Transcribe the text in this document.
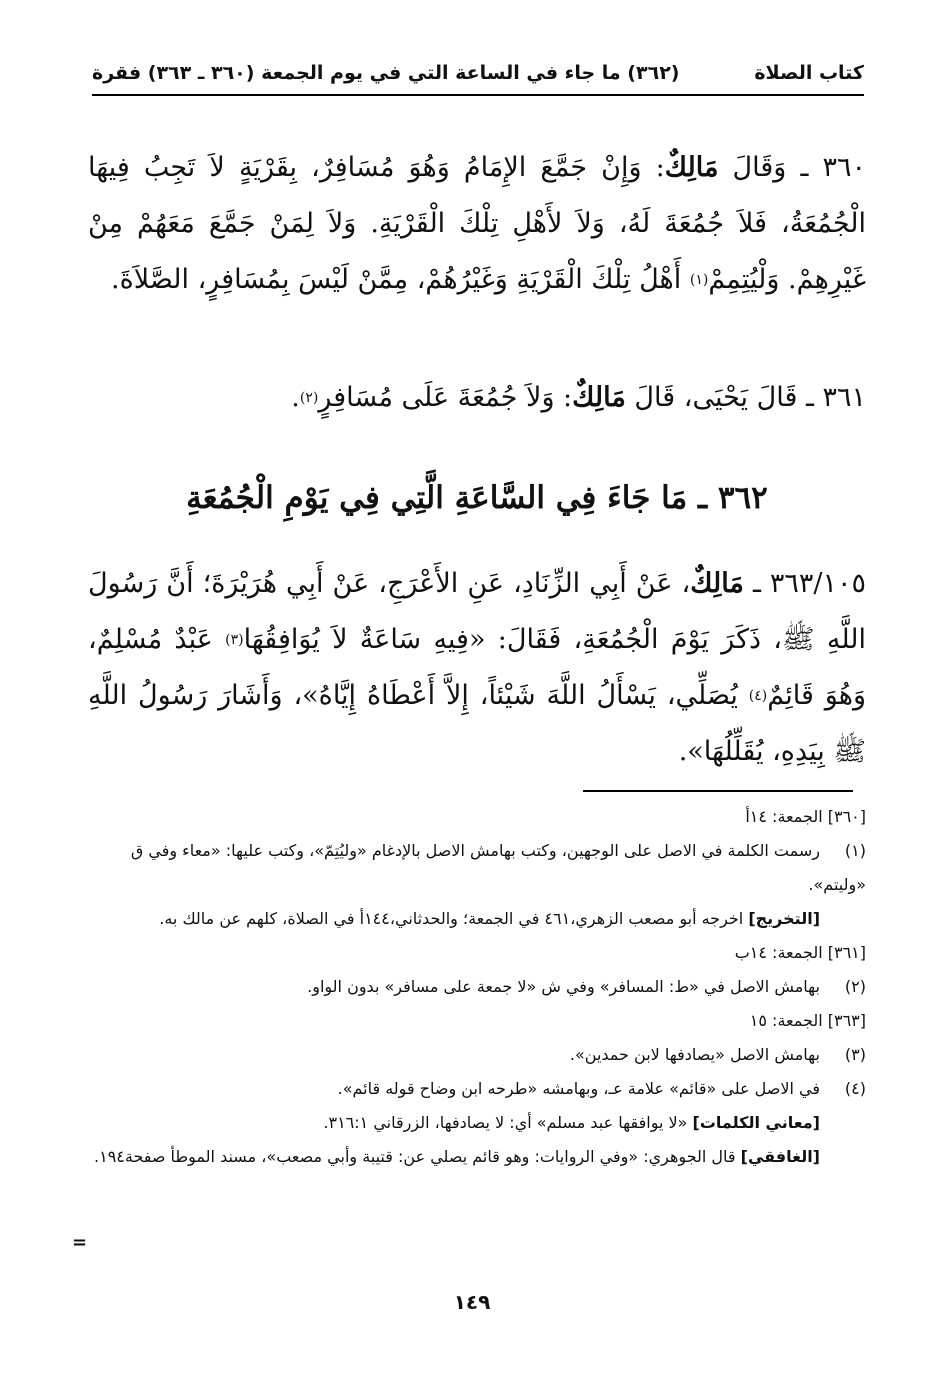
كتاب الصلاة
(٣٦٢) ما جاء في الساعة التي في يوم الجمعة (٣٦٠ ـ ٣٦٣) فقرة
٣٦٠ ـ وَقَالَ مَالِكٌ: وَإِنْ جَمَّعَ الإِمَامُ وَهُوَ مُسَافِرٌ، بِقَرْيَةٍ لاَ تَجِبُ فِيهَا الْجُمُعَةُ، فَلاَ جُمُعَةَ لَهُ، وَلاَ لأَهْلِ تِلْكَ الْقَرْيَةِ. وَلاَ لِمَنْ جَمَّعَ مَعَهُمْ مِنْ غَيْرِهِمْ. وَلْيُتِمِمْ$^{(١)}$ أَهْلُ تِلْكَ الْقَرْيَةِ وَغَيْرُهُمْ، مِمَّنْ لَيْسَ بِمُسَافِرٍ، الصَّلاَةَ.
٣٦١ ـ قَالَ يَحْيَى، قَالَ مَالِكٌ: وَلاَ جُمُعَةَ عَلَى مُسَافِرٍ$^{(٢)}$.
٣٦٢ ـ مَا جَاءَ فِي السَّاعَةِ الَّتِي فِي يَوْمِ الْجُمُعَةِ
٣٦٣/١٠٥ ـ مَالِكٌ، عَنْ أَبِي الزِّنَادِ، عَنِ الأَعْرَجِ، عَنْ أَبِي هُرَيْرَةَ؛ أَنَّ رَسُولَ اللَّهِ ﷺ، ذَكَرَ يَوْمَ الْجُمُعَةِ، فَقَالَ: «فِيهِ سَاعَةٌ لاَ يُوَافِقُهَا$^{(٣)}$ عَبْدٌ مُسْلِمٌ، وَهُوَ قَائِمٌ$^{(٤)}$ يُصَلِّي، يَسْأَلُ اللَّهَ شَيْئاً، إِلاَّ أَعْطَاهُ إِيَّاهُ»، وَأَشَارَ رَسُولُ اللَّهِ ﷺ بِيَدِهِ، يُقَلِّلُهَا».
[٣٦٠] الجمعة: ١٤أ
(١)رسمت الكلمة في الاصل على الوجهين، وكتب بهامش الاصل بالإدغام «وليُتِمّ»، وكتب عليها: «معاء وفي ق «وليتم».
[التخريج] اخرجه أبو مصعب الزهري،٤٦١ في الجمعة؛ والحدثاني،١٤٤أ في الصلاة، كلهم عن مالك به.
[٣٦١] الجمعة: ١٤ب
(٢)بهامش الاصل في «ط: المسافر» وفي ش «لا جمعة على مسافر» بدون الواو.
[٣٦٣] الجمعة: ١٥
(٣)بهامش الاصل «يصادفها لابن حمدين».
(٤)في الاصل على «قائم» علامة عـ، وبهامشه «طرحه ابن وضاح قوله قائم».
[معاني الكلمات] «لا يوافقها عبد مسلم» أي: لا يصادفها، الزرقاني ٣١٦:١.
[الغافقي] قال الجوهري: «وفي الروايات: وهو قائم يصلي عن: قتيبة وأبي مصعب»، مسند الموطأ صفحة١٩٤.
=
١٤٩
